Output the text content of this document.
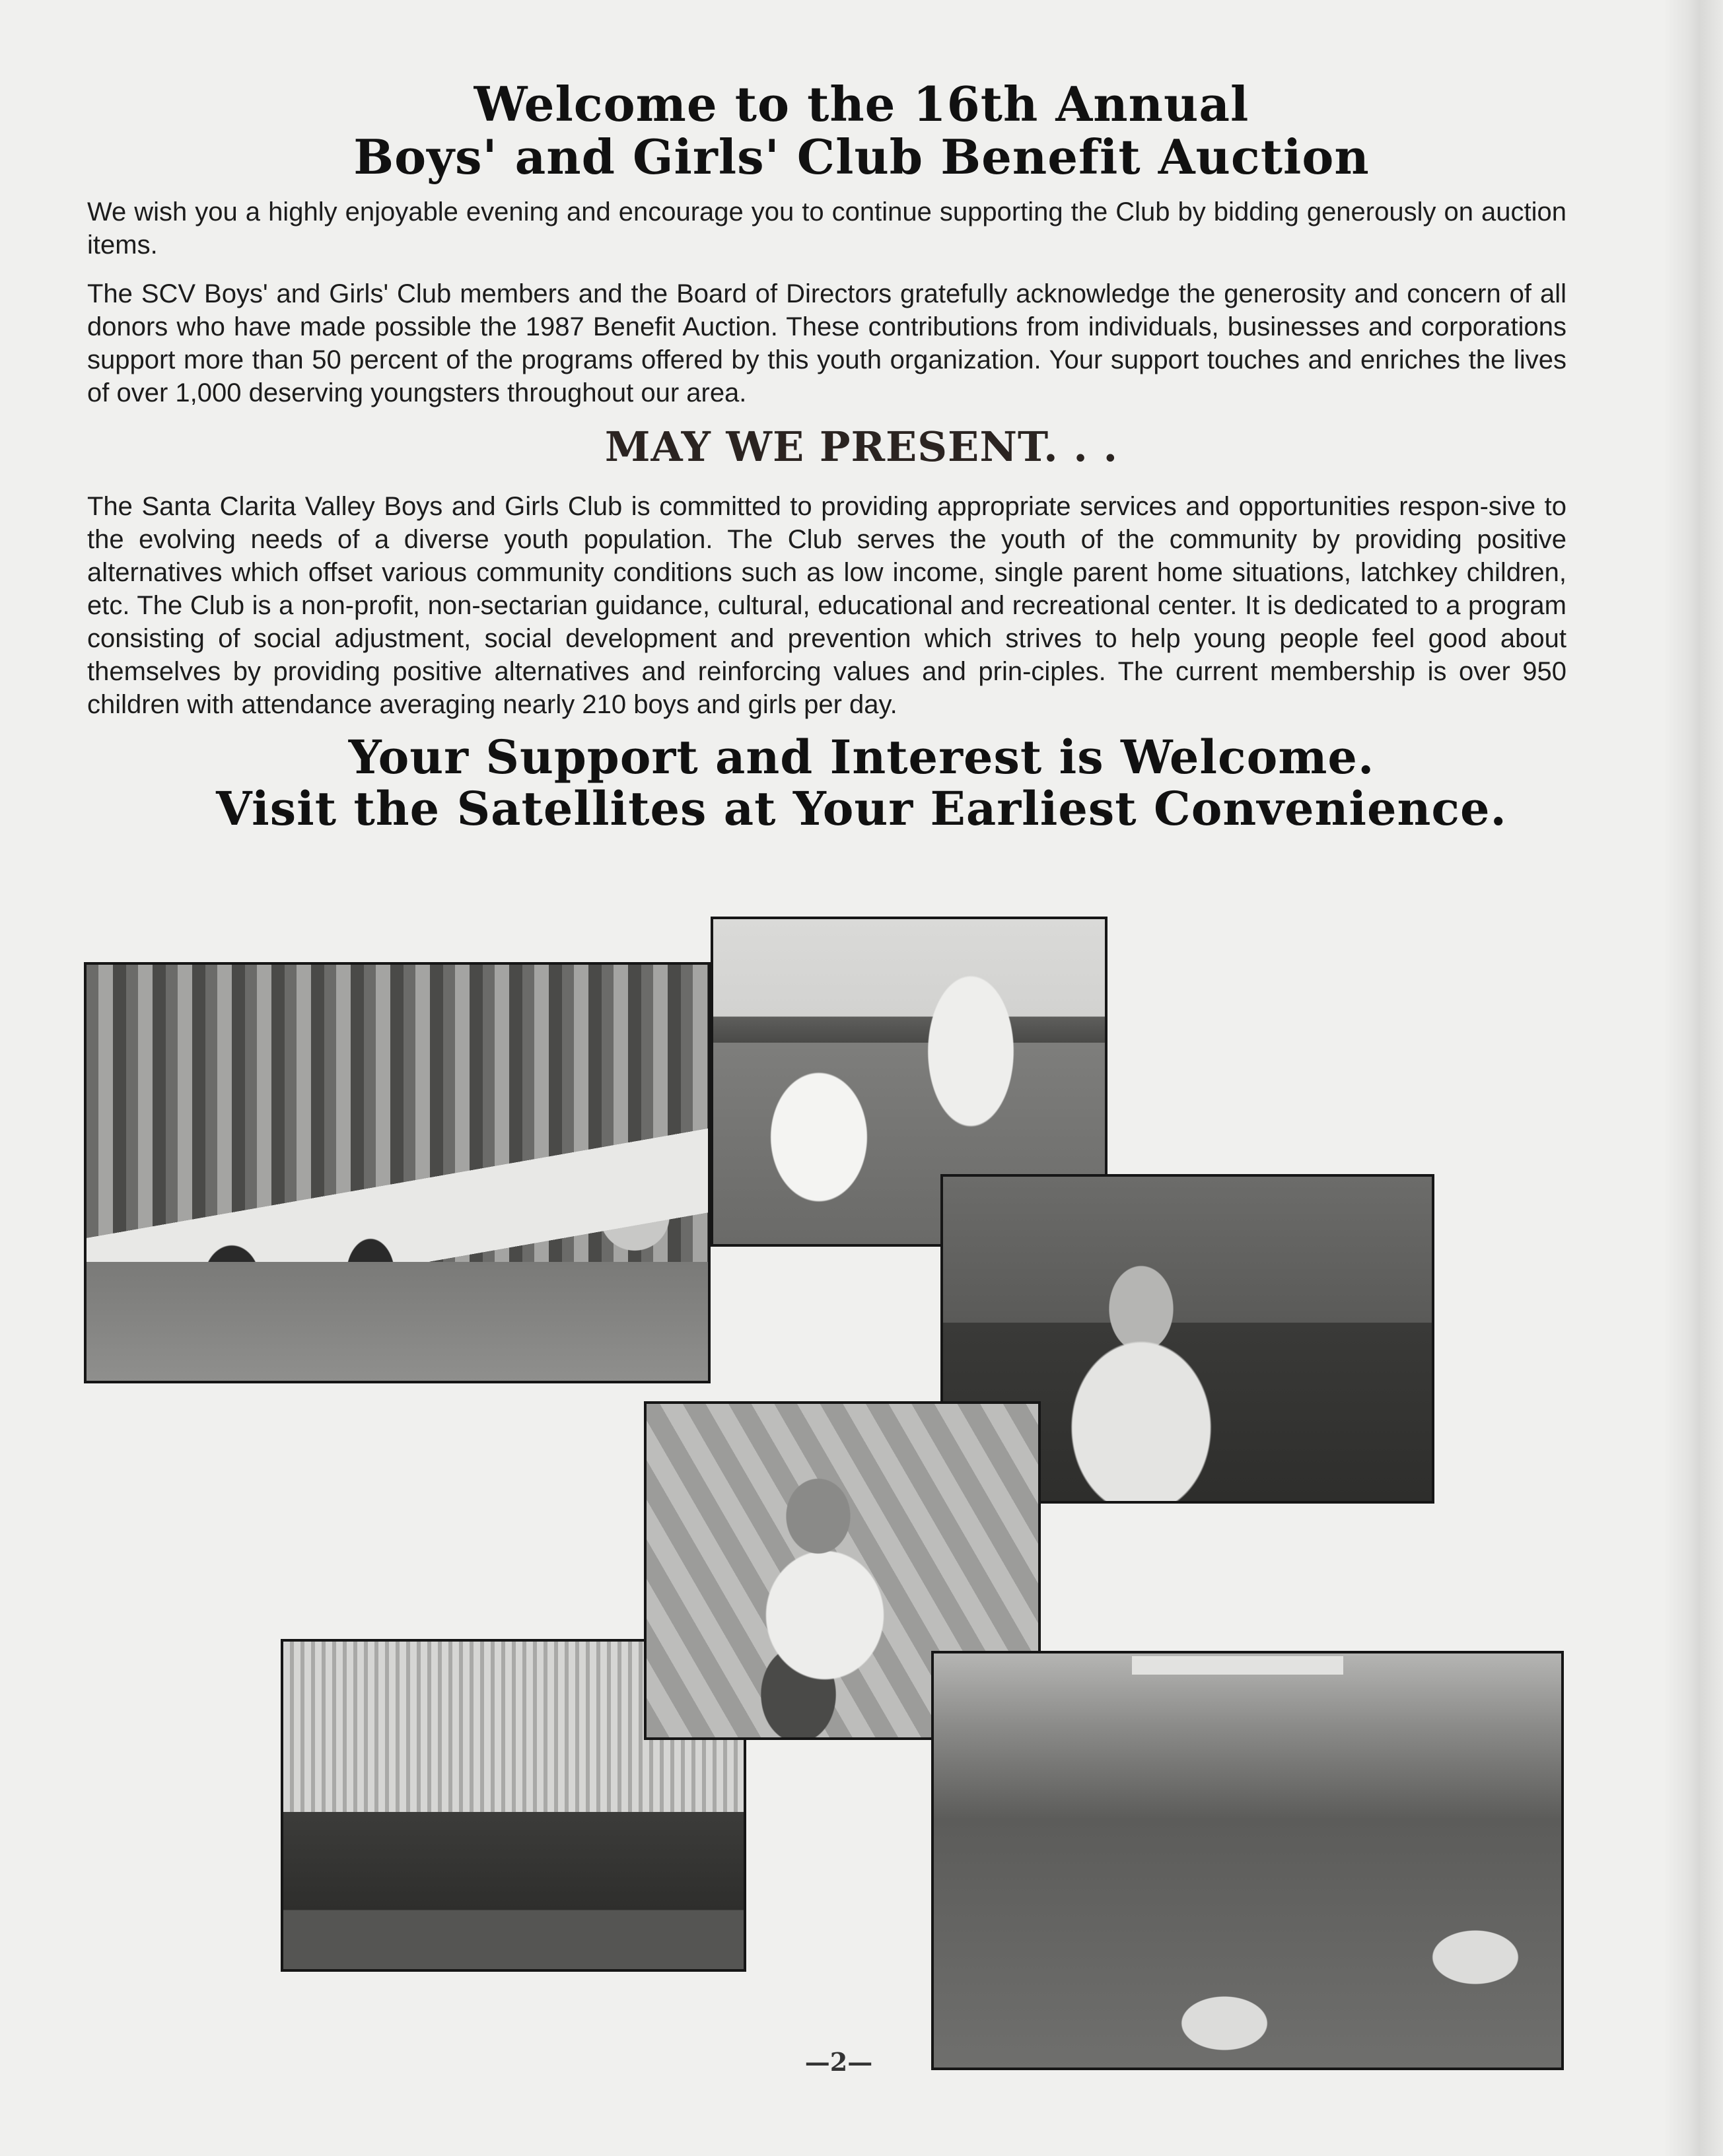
Welcome to the 16th Annual
Boys' and Girls' Club Benefit Auction
We wish you a highly enjoyable evening and encourage you to continue supporting the Club by bidding generously on auction items.
The SCV Boys' and Girls' Club members and the Board of Directors gratefully acknowledge the generosity and concern of all donors who have made possible the 1987 Benefit Auction. These contributions from individuals, businesses and corporations support more than 50 percent of the programs offered by this youth organization. Your support touches and enriches the lives of over 1,000 deserving youngsters throughout our area.
MAY WE PRESENT. . .
The Santa Clarita Valley Boys and Girls Club is committed to providing appropriate services and opportunities respon-sive to the evolving needs of a diverse youth population. The Club serves the youth of the community by providing positive alternatives which offset various community conditions such as low income, single parent home situations, latchkey children, etc. The Club is a non-profit, non-sectarian guidance, cultural, educational and recreational center. It is dedicated to a program consisting of social adjustment, social development and prevention which strives to help young people feel good about themselves by providing positive alternatives and reinforcing values and prin-ciples. The current membership is over 950 children with attendance averaging nearly 210 boys and girls per day.
Your Support and Interest is Welcome.
Visit the Satellites at Your Earliest Convenience.
—2—
